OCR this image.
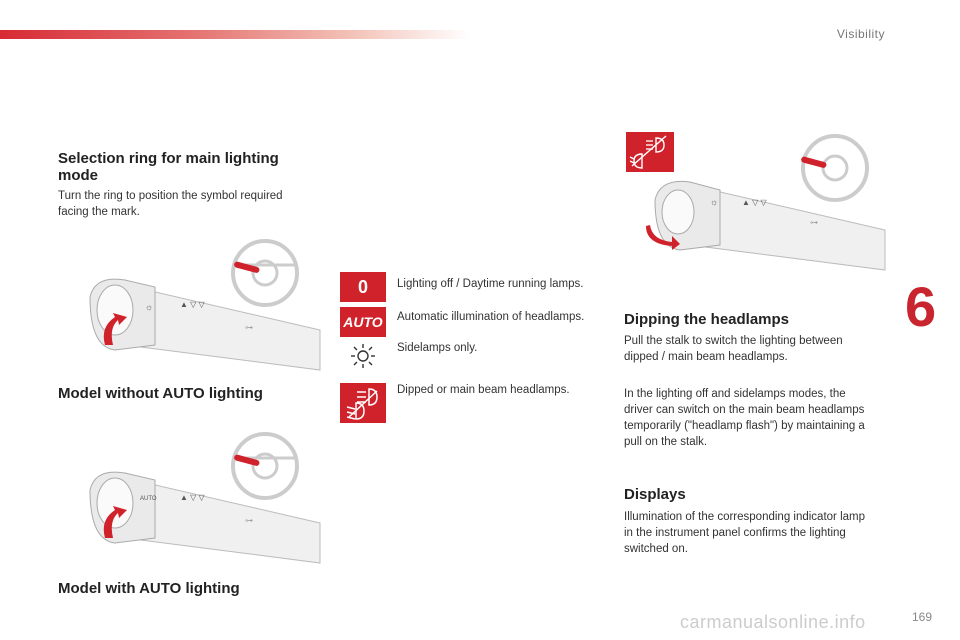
Visibility
6
169
Selection ring for main lighting
mode

Turn the ring to position the symbol required
facing the mark.

☼	▲ ▽ ▽
⊶
Model without AUTO lighting
AUTO	▲ ▽ ▽
⊶
Model with AUTO lighting
0	Lighting off / Daytime running lamps.
AUTO Automatic illumination of headlamps.
Sidelamps only.
Dipped or main beam headlamps.
☼	▲ ▽ ▽
⊶
Dipping the headlamps

Pull the stalk to switch the lighting between
dipped / main beam headlamps.

In the lighting off and sidelamps modes, the
driver can switch on the main beam headlamps
temporarily ("headlamp flash") by maintaining a
pull on the stalk.

Displays

Illumination of the corresponding indicator lamp
in the instrument panel confirms the lighting
switched on.

carmanualsonline.info
